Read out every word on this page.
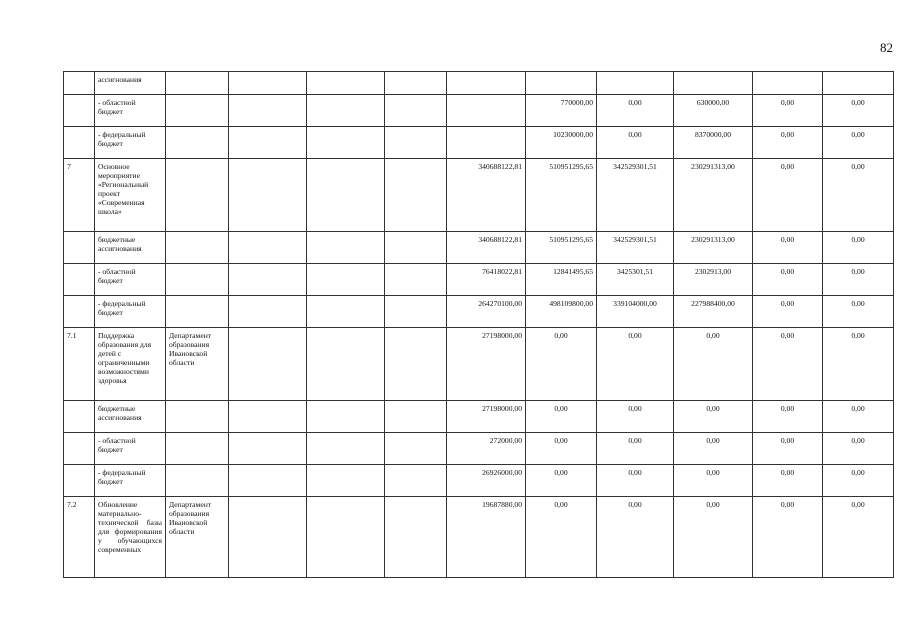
82
	ассигнования										
	- областной бюджет						770000,00	0,00	630000,00	0,00	0,00
	- федеральный бюджет						10230000,00	0,00	8370000,00	0,00	0,00
7	Основное мероприятие «Региональный проект «Современная школа»					340688122,81	510951295,65	342529301,51	230291313,00	0,00	0,00
	бюджетные ассигнования					340688122,81	510951295,65	342529301,51	230291313,00	0,00	0,00
	- областной бюджет					76418022,81	12841495,65	3425301,51	2302913,00	0,00	0,00
	- федеральный бюджет					264270100,00	498109800,00	339104000,00	227988400,00	0,00	0,00
7.1	Поддержка образования для детей с ограниченными возможностями здоровья	Департамент образования Ивановской области				27198000,00	0,00	0,00	0,00	0,00	0,00
	бюджетные ассигнования					27198000,00	0,00	0,00	0,00	0,00	0,00
	- областной бюджет					272000,00	0,00	0,00	0,00	0,00	0,00
	- федеральный бюджет					26926000,00	0,00	0,00	0,00	0,00	0,00
7.2	Обновление материально-технической базы для формирования у обучающихся современных	Департамент образования Ивановской области				19687880,00	0,00	0,00	0,00	0,00	0,00
